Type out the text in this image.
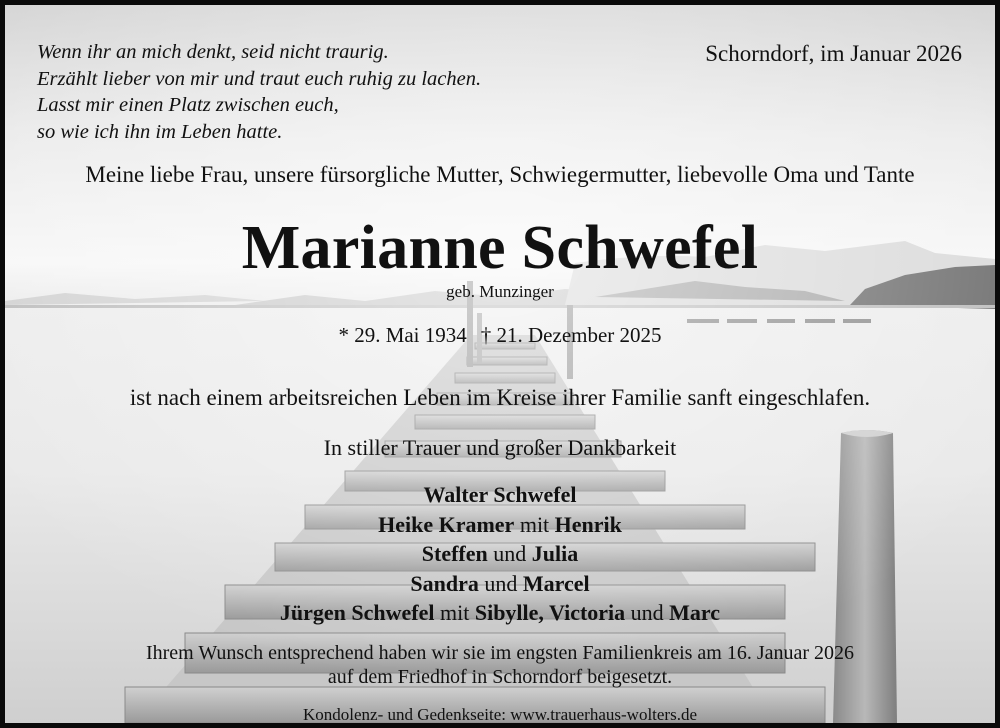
Wenn ihr an mich denkt, seid nicht traurig.
Erzählt lieber von mir und traut euch ruhig zu lachen.
Lasst mir einen Platz zwischen euch,
so wie ich ihn im Leben hatte.
Schorndorf, im Januar 2026
Meine liebe Frau, unsere fürsorgliche Mutter, Schwiegermutter, liebevolle Oma und Tante
Marianne Schwefel
geb. Munzinger
* 29. Mai 1934 † 21. Dezember 2025
ist nach einem arbeitsreichen Leben im Kreise ihrer Familie sanft eingeschlafen.
In stiller Trauer und großer Dankbarkeit
Walter Schwefel
Heike Kramer mit Henrik
Steffen und Julia
Sandra und Marcel
Jürgen Schwefel mit Sibylle, Victoria und Marc
Ihrem Wunsch entsprechend haben wir sie im engsten Familienkreis am 16. Januar 2026
auf dem Friedhof in Schorndorf beigesetzt.
Kondolenz- und Gedenkseite: www.trauerhaus-wolters.de
